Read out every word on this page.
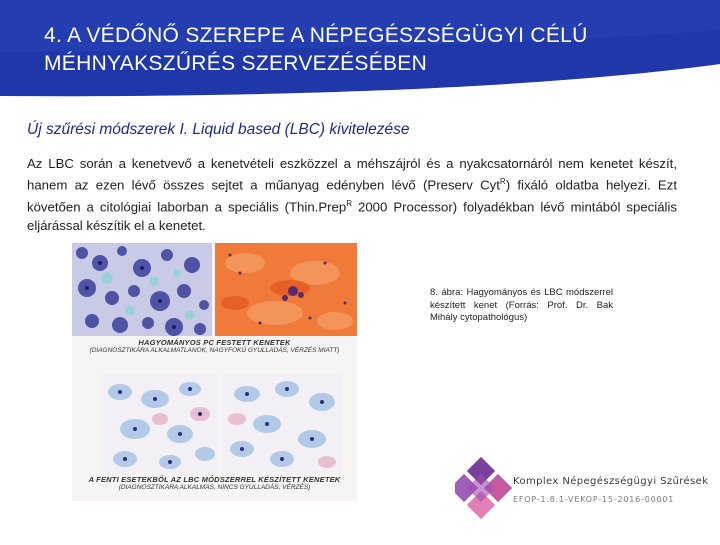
4. A VÉDŐNŐ SZEREPE A NÉPEGÉSZSÉGÜGYI CÉLÚ MÉHNYAKSZŰRÉS SZERVEZÉSÉBEN
Új szűrési módszerek I. Liquid based (LBC) kivitelezése
Az LBC során a kenetvevő a kenetvételi eszközzel a méhszájról és a nyakcsatornáról nem kenetet készít, hanem az ezen lévő összes sejtet a műanyag edényben lévő (Preserv Cyt$^R$) fixáló oldatba helyezi. Ezt követően a citológiai laborban a speciális (Thin.Prep$^R$ 2000 Processor) folyadékban lévő mintából speciális eljárással készítik el a kenetet.
HAGYOMÁNYOS PC FESTETT KENETEK
(DIAGNOSZTIKÁRA ALKALMATLANOK, NAGYFOKÚ GYULLADÁS, VÉRZÉS MIATT)
A FENTI ESETEKBŐL AZ LBC MÓDSZERREL KÉSZÍTETT KENETEK
(DIAGNOSZTIKÁRA ALKALMAS, NINCS GYULLADÁS, VÉRZÉS)
8. ábra: Hagyományos és LBC módszerrel készített kenet (Forrás: Prof. Dr. Bak Mihály cytopathológus)
Komplex Népegészségügyi Szűrések
EFOP-1.8.1-VEKOP-15-2016-00001
